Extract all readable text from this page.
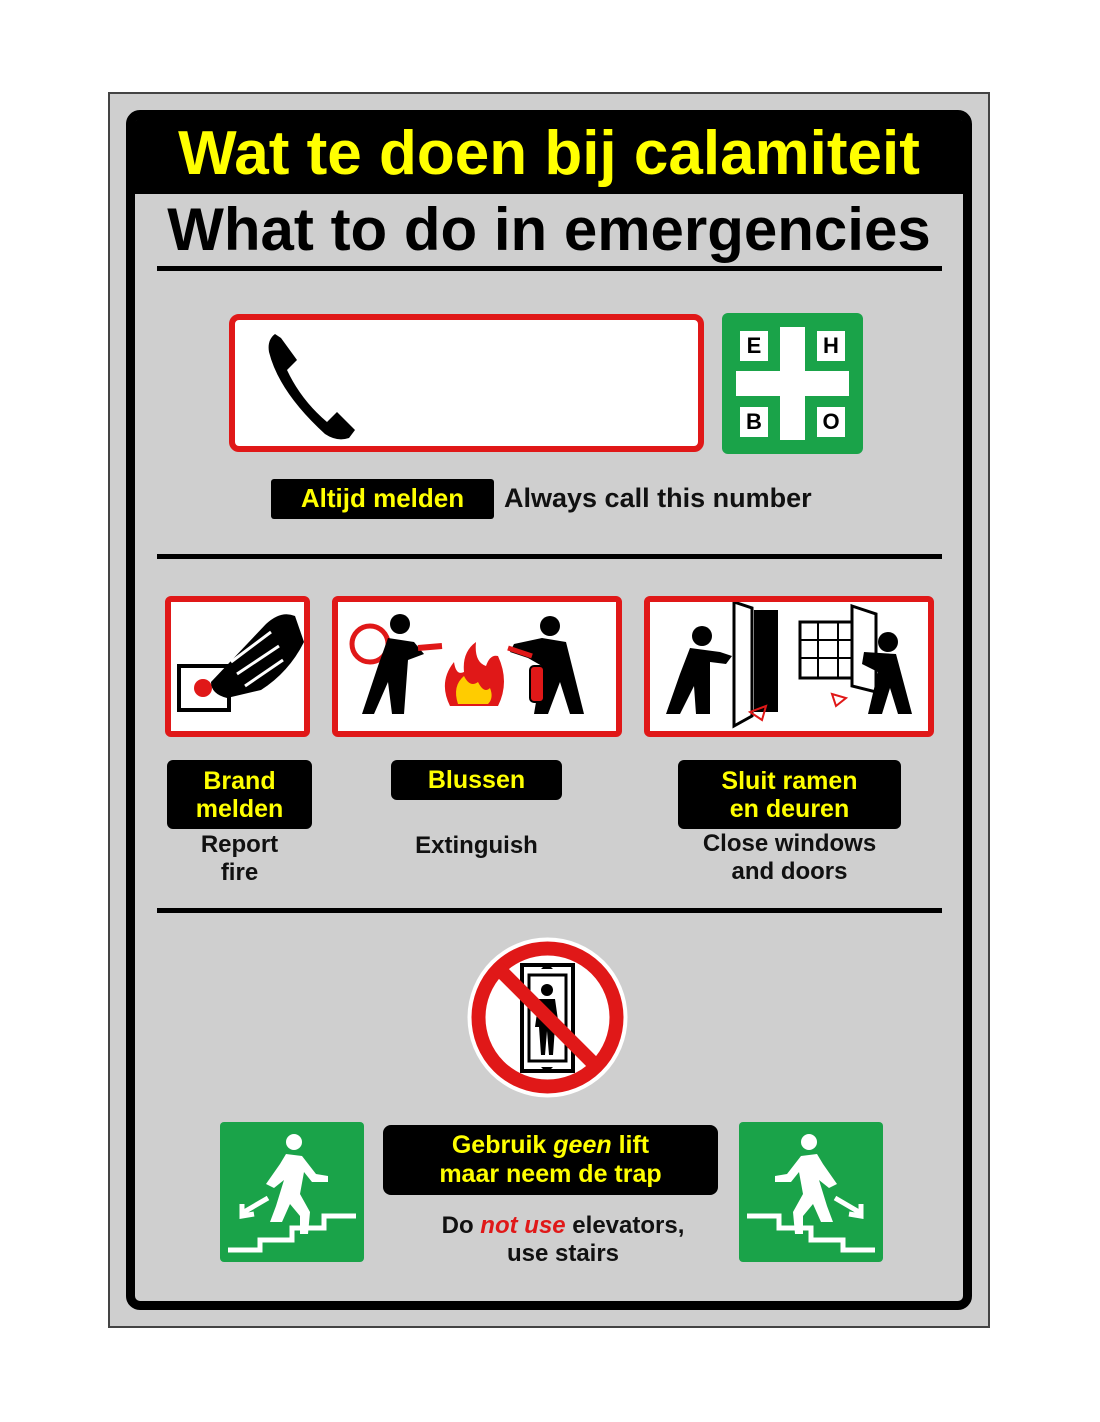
Wat te doen bij calamiteit
What to do in emergencies
E	H
B	O
Altijd melden	Always call this number
Brand
melden
Report
fire
Blussen
Extinguish
Sluit ramen
en deuren
Close windows
and doors
Gebruik geen lift
maar neem de trap
Do not use elevators,
use stairs
